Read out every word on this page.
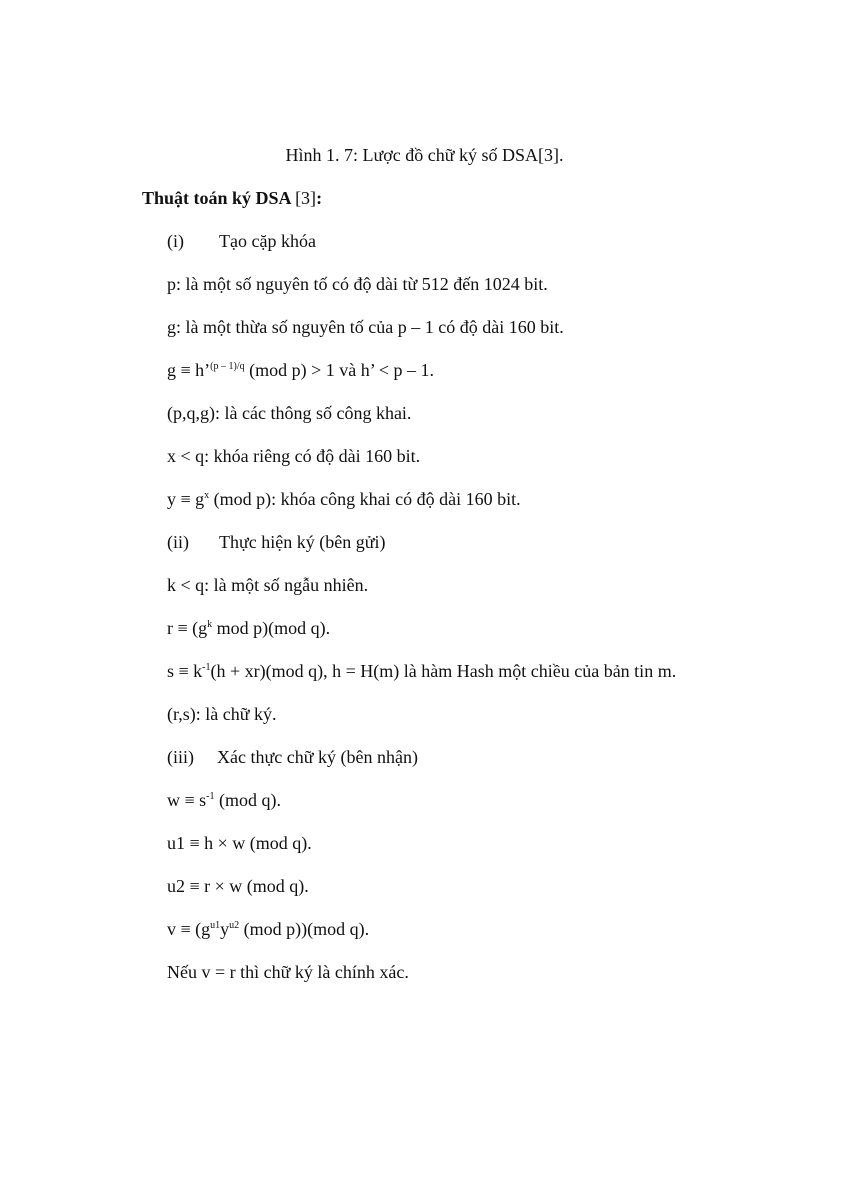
Hình 1. 7: Lược đồ chữ ký số DSA[3].
Thuật toán ký DSA [3]:
(i) Tạo cặp khóa
p: là một số nguyên tố có độ dài từ 512 đến 1024 bit.
g: là một thừa số nguyên tố của p – 1 có độ dài 160 bit.
g ≡ h’$^{(p - 1)/q}$ (mod p) > 1 và h’ < p – 1.
(p,q,g): là các thông số công khai.
x < q: khóa riêng có độ dài 160 bit.
$y \equiv g^x$ (mod p): khóa công khai có độ dài 160 bit.
(ii) Thực hiện ký (bên gửi)
k < q: là một số ngẫu nhiên.
$r \equiv (g^k$ mod p)(mod q).
$s \equiv k^{-1}(h + xr)(mod$ q), h = H(m) là hàm Hash một chiều của bản tin m.
(r,s): là chữ ký.
(iii) Xác thực chữ ký (bên nhận)
$w \equiv s^{-1}$ (mod q).
u1 ≡ h × w (mod q).
u2 ≡ r × w (mod q).
$v \equiv (g^{u1}y^{u2}$ (mod p))(mod q).
Nếu v = r thì chữ ký là chính xác.
